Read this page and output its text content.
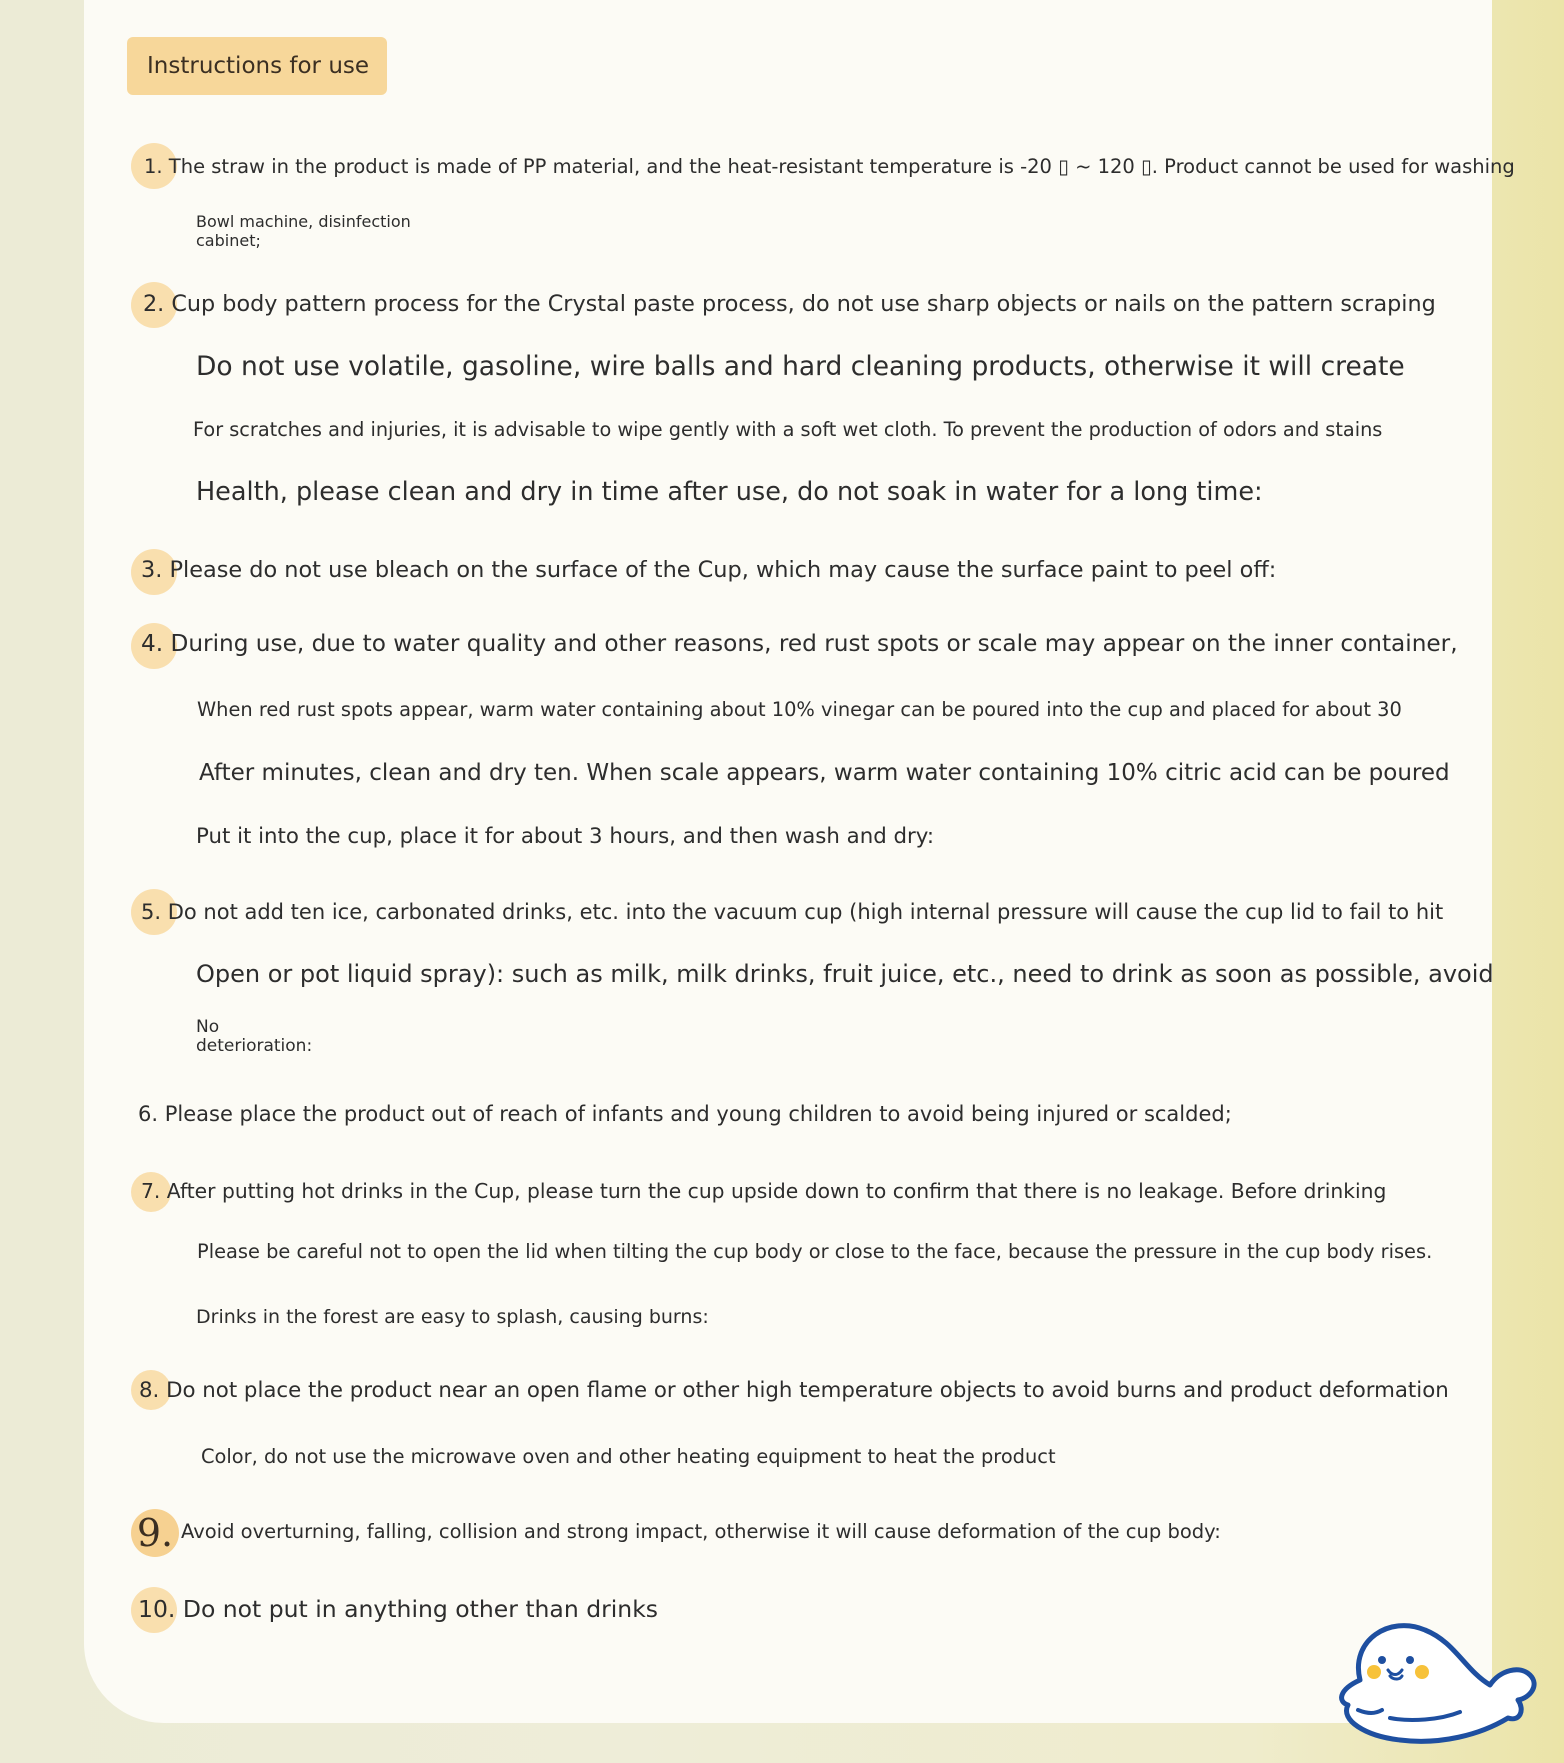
Instructions for use
1. The straw in the product is made of PP material, and the heat-resistant temperature is -20 ▯ ~ 120 ▯. Product cannot be used for washing
Bowl machine, disinfection
cabinet;
2. Cup body pattern process for the Crystal paste process, do not use sharp objects or nails on the pattern scraping
Do not use volatile, gasoline, wire balls and hard cleaning products, otherwise it will create
For scratches and injuries, it is advisable to wipe gently with a soft wet cloth. To prevent the production of odors and stains
Health, please clean and dry in time after use, do not soak in water for a long time:
3. Please do not use bleach on the surface of the Cup, which may cause the surface paint to peel off:
4. During use, due to water quality and other reasons, red rust spots or scale may appear on the inner container,
When red rust spots appear, warm water containing about 10% vinegar can be poured into the cup and placed for about 30
After minutes, clean and dry ten. When scale appears, warm water containing 10% citric acid can be poured
Put it into the cup, place it for about 3 hours, and then wash and dry:
5. Do not add ten ice, carbonated drinks, etc. into the vacuum cup (high internal pressure will cause the cup lid to fail to hit
Open or pot liquid spray): such as milk, milk drinks, fruit juice, etc., need to drink as soon as possible, avoid
No
deterioration:
6. Please place the product out of reach of infants and young children to avoid being injured or scalded;
7. After putting hot drinks in the Cup, please turn the cup upside down to confirm that there is no leakage. Before drinking
Please be careful not to open the lid when tilting the cup body or close to the face, because the pressure in the cup body rises.
Drinks in the forest are easy to splash, causing burns:
8. Do not place the product near an open flame or other high temperature objects to avoid burns and product deformation
Color, do not use the microwave oven and other heating equipment to heat the product
9. Avoid overturning, falling, collision and strong impact, otherwise it will cause deformation of the cup body:
10. Do not put in anything other than drinks
